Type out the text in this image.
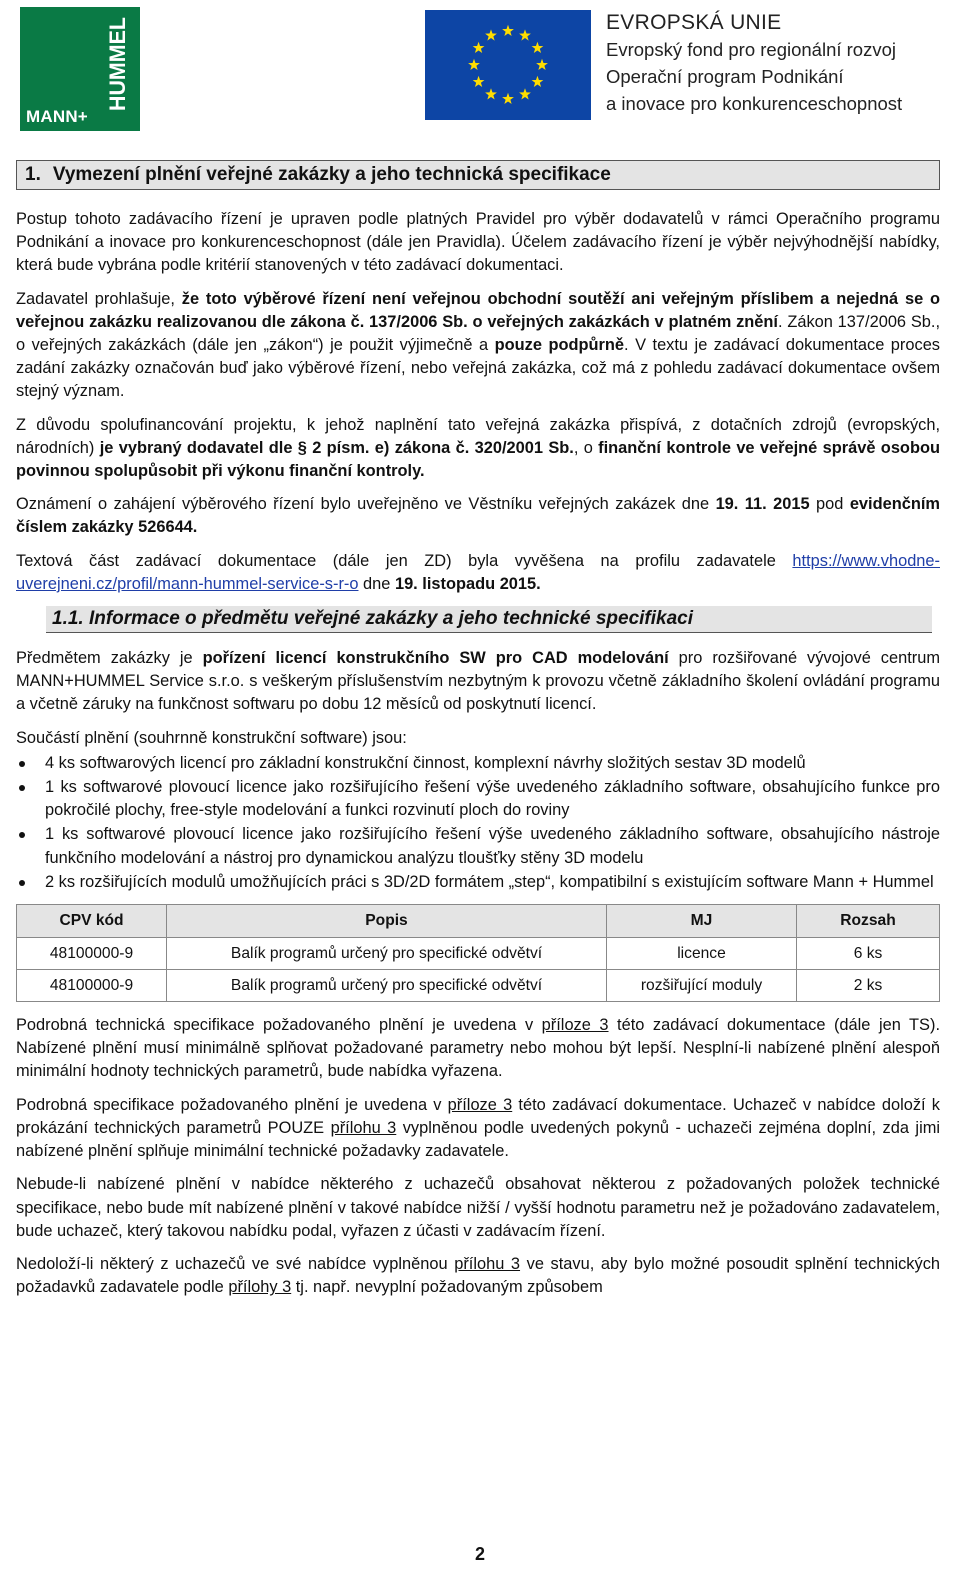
HUMMEL
MANN+
EVROPSKÁ UNIE
Evropský fond pro regionální rozvoj
Operační program Podnikání
a inovace pro konkurenceschopnost
1. Vymezení plnění veřejné zakázky a jeho technická specifikace

Postup tohoto zadávacího řízení je upraven podle platných Pravidel pro výběr dodavatelů v rámci Operačního programu Podnikání a inovace pro konkurenceschopnost (dále jen Pravidla). Účelem zadávacího řízení je výběr nejvýhodnější nabídky, která bude vybrána podle kritérií stanovených v této zadávací dokumentaci.

Zadavatel prohlašuje, že toto výběrové řízení není veřejnou obchodní soutěží ani veřejným příslibem a nejedná se o veřejnou zakázku realizovanou dle zákona č. 137/2006 Sb. o veřejných zakázkách v platném znění. Zákon 137/2006 Sb., o veřejných zakázkách (dále jen „zákon“) je použit výjimečně a pouze podpůrně. V textu je zadávací dokumentace proces zadání zakázky označován buď jako výběrové řízení, nebo veřejná zakázka, což má z pohledu zadávací dokumentace ovšem stejný význam.

Z důvodu spolufinancování projektu, k jehož naplnění tato veřejná zakázka přispívá, z dotačních zdrojů (evropských, národních) je vybraný dodavatel dle § 2 písm. e) zákona č. 320/2001 Sb., o finanční kontrole ve veřejné správě osobou povinnou spolupůsobit při výkonu finanční kontroly.

Oznámení o zahájení výběrového řízení bylo uveřejněno ve Věstníku veřejných zakázek dne 19. 11. 2015 pod evidenčním číslem zakázky 526644.

Textová část zadávací dokumentace (dále jen ZD) byla vyvěšena na profilu zadavatele https://www.vhodne-uverejneni.cz/profil/mann-hummel-service-s-r-o dne 19. listopadu 2015.

1.1. Informace o předmětu veřejné zakázky a jeho technické specifikaci

Předmětem zakázky je pořízení licencí konstrukčního SW pro CAD modelování pro rozšiřované vývojové centrum MANN+HUMMEL Service s.r.o. s veškerým příslušenstvím nezbytným k provozu včetně základního školení ovládání programu a včetně záruky na funkčnost softwaru po dobu 12 měsíců od poskytnutí licencí.

Součástí plnění (souhrnně konstrukční software) jsou:

4 ks softwarových licencí pro základní konstrukční činnost, komplexní návrhy složitých sestav 3D modelů
1 ks softwarové plovoucí licence jako rozšiřujícího řešení výše uvedeného základního software, obsahujícího funkce pro pokročilé plochy, free-style modelování a funkci rozvinutí ploch do roviny
1 ks softwarové plovoucí licence jako rozšiřujícího řešení výše uvedeného základního software, obsahujícího nástroje funkčního modelování a nástroj pro dynamickou analýzu tloušťky stěny 3D modelu
2 ks rozšiřujících modulů umožňujících práci s 3D/2D formátem „step“, kompatibilní s existujícím software Mann + Hummel
CPV kód	Popis	MJ	Rozsah
48100000-9	Balík programů určený pro specifické odvětví	licence	6 ks
48100000-9	Balík programů určený pro specifické odvětví	rozšiřující moduly	2 ks

Podrobná technická specifikace požadovaného plnění je uvedena v příloze 3 této zadávací dokumentace (dále jen TS). Nabízené plnění musí minimálně splňovat požadované parametry nebo mohou být lepší. Nesplní-li nabízené plnění alespoň minimální hodnoty technických parametrů, bude nabídka vyřazena.

Podrobná specifikace požadovaného plnění je uvedena v příloze 3 této zadávací dokumentace. Uchazeč v nabídce doloží k prokázání technických parametrů POUZE přílohu 3 vyplněnou podle uvedených pokynů - uchazeči zejména doplní, zda jimi nabízené plnění splňuje minimální technické požadavky zadavatele.

Nebude-li nabízené plnění v nabídce některého z uchazečů obsahovat některou z požadovaných položek technické specifikace, nebo bude mít nabízené plnění v takové nabídce nižší / vyšší hodnotu parametru než je požadováno zadavatelem, bude uchazeč, který takovou nabídku podal, vyřazen z účasti v zadávacím řízení.

Nedoloží-li některý z uchazečů ve své nabídce vyplněnou přílohu 3 ve stavu, aby bylo možné posoudit splnění technických požadavků zadavatele podle přílohy 3 tj. např. nevyplní požadovaným způsobem

2
